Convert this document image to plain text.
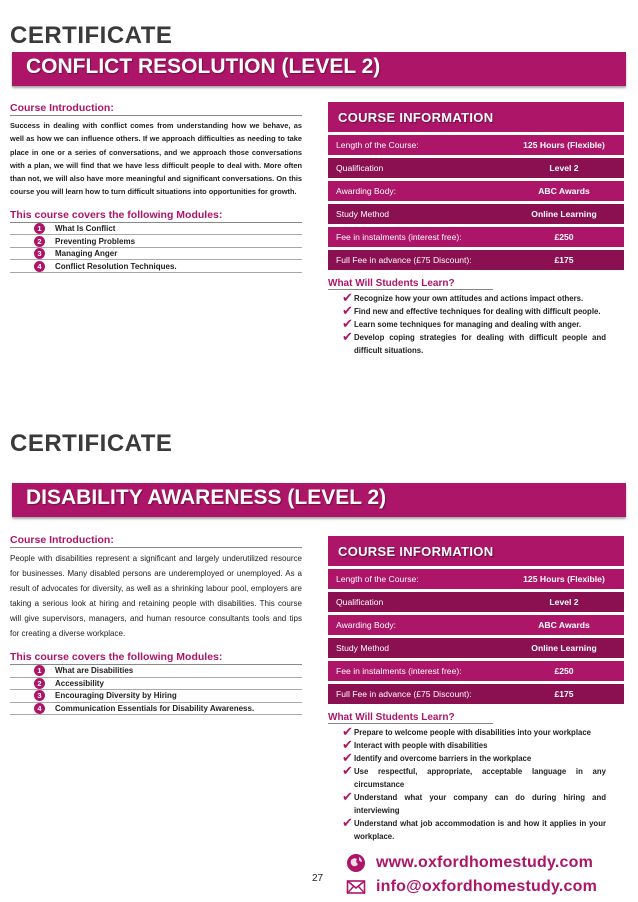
CERTIFICATE
CONFLICT RESOLUTION (LEVEL 2)
Course Introduction:
Success in dealing with conflict comes from understanding how we behave, as well as how we can influence others. If we approach difficulties as needing to take place in one or a series of conversations, and we approach those conversations with a plan, we will find that we have less difficult people to deal with. More often than not, we will also have more meaningful and significant conversations. On this course you will learn how to turn difficult situations into opportunities for growth.
This course covers the following Modules:
1	What Is Conflict
2	Preventing Problems
3	Managing Anger
4	Conflict Resolution Techniques.
COURSE INFORMATION
Length of the Course:	125 Hours (Flexible)
Qualification	Level 2
Awarding Body:	ABC Awards
Study Method	Online Learning
Fee in instalments (interest free):	£250
Full Fee in advance (£75 Discount):	£175
What Will Students Learn?
✔ Recognize how your own attitudes and actions impact others.
✔ Find new and effective techniques for dealing with difficult people.
✔ Learn some techniques for managing and dealing with anger.
✔ Develop coping strategies for dealing with difficult people and difficult situations.
CERTIFICATE
DISABILITY AWARENESS (LEVEL 2)
Course Introduction:
People with disabilities represent a significant and largely underutilized resource for businesses. Many disabled persons are underemployed or unemployed. As a result of advocates for diversity, as well as a shrinking labour pool, employers are taking a serious look at hiring and retaining people with disabilities. This course will give supervisors, managers, and human resource consultants tools and tips for creating a diverse workplace.
This course covers the following Modules:
1	What are Disabilities
2	Accessibility
3	Encouraging Diversity by Hiring
4	Communication Essentials for Disability Awareness.
COURSE INFORMATION
Length of the Course:	125 Hours (Flexible)
Qualification	Level 2
Awarding Body:	ABC Awards
Study Method	Online Learning
Fee in instalments (interest free):	£250
Full Fee in advance (£75 Discount):	£175
What Will Students Learn?
✔ Prepare to welcome people with disabilities into your workplace
✔ Interact with people with disabilities
✔ Identify and overcome barriers in the workplace
✔ Use respectful, appropriate, acceptable language in any circumstance
✔ Understand what your company can do during hiring and interviewing
✔ Understand what job accommodation is and how it applies in your workplace.
27
www.oxfordhomestudy.com
info@oxfordhomestudy.com
